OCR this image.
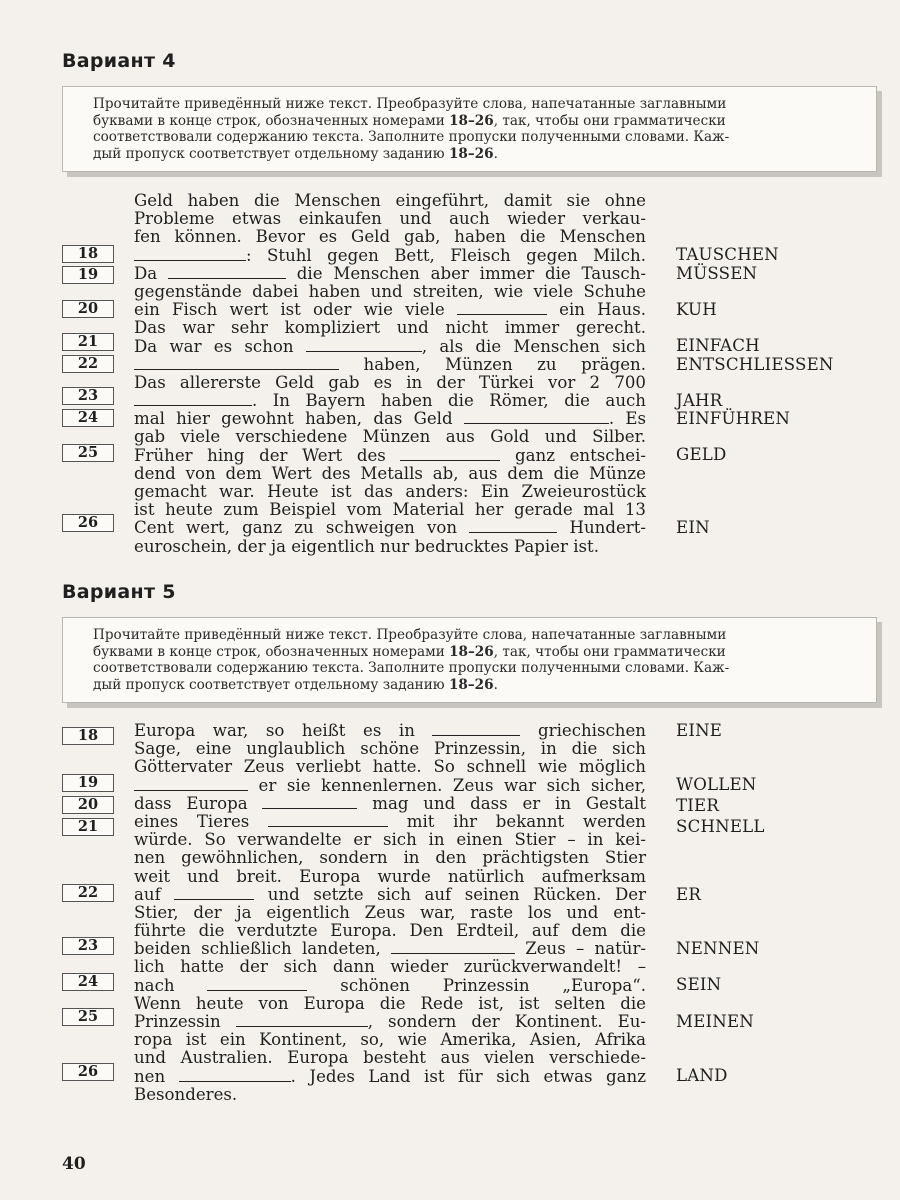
Вариант 4
Прочитайте приведённый ниже текст. Преобразуйте слова, напечатанные заглавными
буквами в конце строк, обозначенных номерами 18–26, так, чтобы они грамматически
соответствовали содержанию текста. Заполните пропуски полученными словами. Каж-
дый пропуск соответствует отдельному заданию 18–26.
Geld haben die Menschen eingeführt, damit sie ohne
Probleme etwas einkaufen und auch wieder verkau-
fen können. Bevor es Geld gab, haben die Menschen
: Stuhl gegen Bett, Fleisch gegen Milch.
Da	die Menschen aber immer die Tausch-
gegenstände dabei haben und streiten, wie viele Schuhe
ein Fisch wert ist oder wie viele	ein Haus.
Das war sehr kompliziert und nicht immer gerecht.
Da war es schon	, als die Menschen sich
haben, Münzen zu prägen.
Das allererste Geld gab es in der Türkei vor 2 700
. In Bayern haben die Römer, die auch
mal hier gewohnt haben, das Geld	. Es
gab viele verschiedene Münzen aus Gold und Silber.
Früher hing der Wert des	ganz entschei-
dend von dem Wert des Metalls ab, aus dem die Münze
gemacht war. Heute ist das anders: Ein Zweieurostück
ist heute zum Beispiel vom Material her gerade mal 13
Cent wert, ganz zu schweigen von	Hundert-
euroschein, der ja eigentlich nur bedrucktes Papier ist.
18
19
20
21
22
23
24
25
26
TAUSCHEN
MÜSSEN
KUH
EINFACH
ENTSCHLIESSEN
JAHR
EINFÜHREN
GELD
EIN
Вариант 5
Прочитайте приведённый ниже текст. Преобразуйте слова, напечатанные заглавными
буквами в конце строк, обозначенных номерами 18–26, так, чтобы они грамматически
соответствовали содержанию текста. Заполните пропуски полученными словами. Каж-
дый пропуск соответствует отдельному заданию 18–26.
Europa war, so heißt es in	griechischen
Sage, eine unglaublich schöne Prinzessin, in die sich
Göttervater Zeus verliebt hatte. So schnell wie möglich
er sie kennenlernen. Zeus war sich sicher,
dass Europa	mag und dass er in Gestalt
eines Tieres	mit ihr bekannt werden
würde. So verwandelte er sich in einen Stier – in kei-
nen gewöhnlichen, sondern in den prächtigsten Stier
weit und breit. Europa wurde natürlich aufmerksam
auf	und setzte sich auf seinen Rücken. Der
Stier, der ja eigentlich Zeus war, raste los und ent-
führte die verdutzte Europa. Den Erdteil, auf dem die
beiden schließlich landeten,	Zeus – natür-
lich hatte der sich dann wieder zurückverwandelt! –
nach	schönen Prinzessin „Europa“.
Wenn heute von Europa die Rede ist, ist selten die
Prinzessin	, sondern der Kontinent. Eu-
ropa ist ein Kontinent, so, wie Amerika, Asien, Afrika
und Australien. Europa besteht aus vielen verschiede-
nen	. Jedes Land ist für sich etwas ganz
Besonderes.
18
19
20
21
22
23
24
25
26
EINE
WOLLEN
TIER
SCHNELL
ER
NENNEN
SEIN
MEINEN
LAND
40
